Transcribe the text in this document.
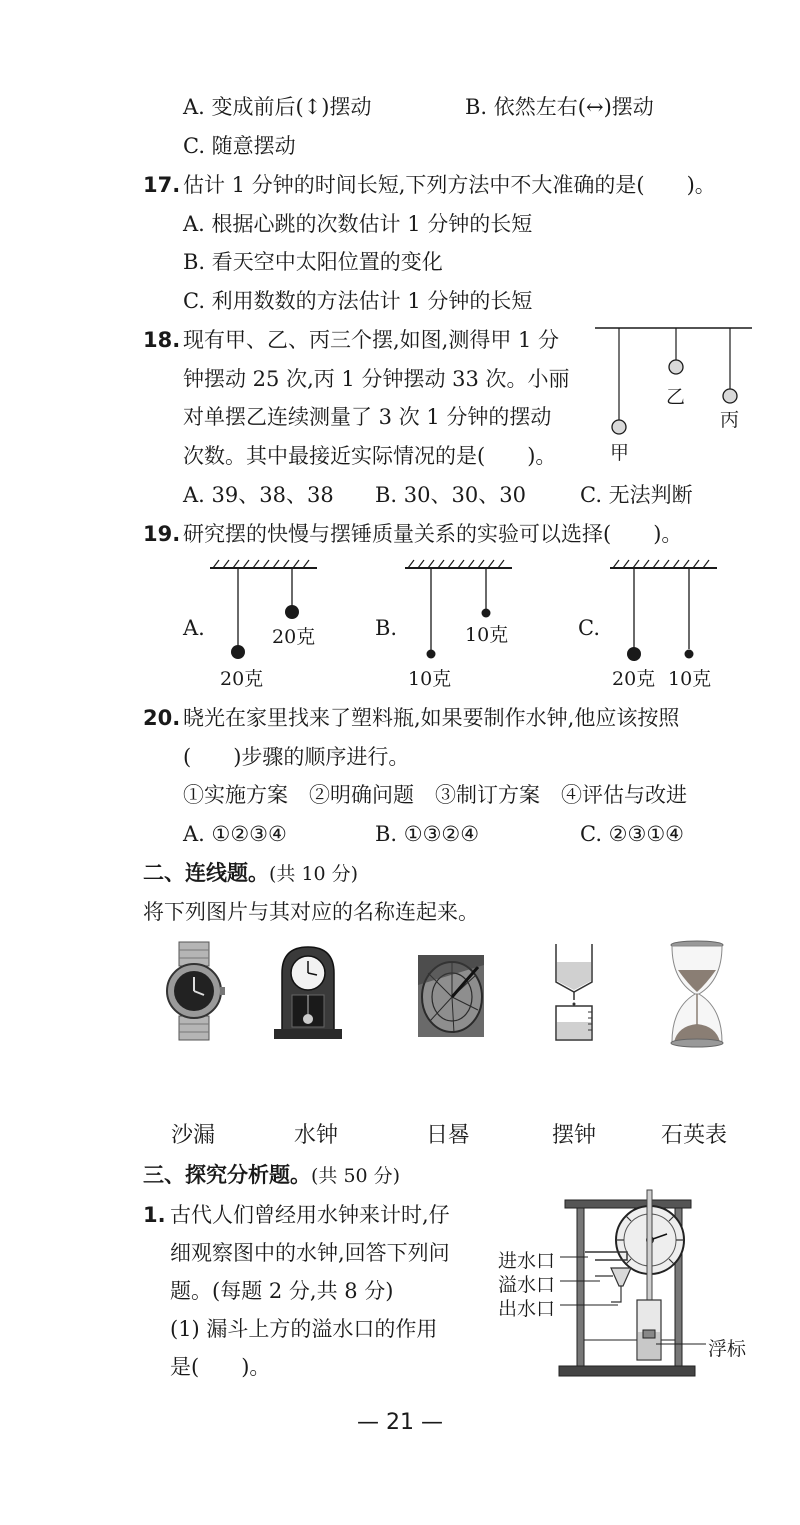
A. 变成前后(↕)摆动	B. 依然左右(↔)摆动
C. 随意摆动
17. 估计 1 分钟的时间长短,下列方法中不大准确的是(　　)。
A. 根据心跳的次数估计 1 分钟的长短
B. 看天空中太阳位置的变化
C. 利用数数的方法估计 1 分钟的长短
18. 现有甲、乙、丙三个摆,如图,测得甲 1 分
钟摆动 25 次,丙 1 分钟摆动 33 次。小丽
对单摆乙连续测量了 3 次 1 分钟的摆动
次数。其中最接近实际情况的是(　　)。
A. 39、38、38 B. 30、30、30	C. 无法判断
甲
乙
丙
19. 研究摆的快慢与摆锤质量关系的实验可以选择(　　)。
A.
20克
20克	B.
10克
10克	C.
20克 10克
20. 晓光在家里找来了塑料瓶,如果要制作水钟,他应该按照
(　　)步骤的顺序进行。
①实施方案　②明确问题　③制订方案　④评估与改进
A. ①②③④	B. ①③②④	C. ②③①④
二、连线题。(共 10 分)
将下列图片与其对应的名称连起来。
沙漏	水钟	日晷	摆钟	石英表
三、探究分析题。(共 50 分)
1. 古代人们曾经用水钟来计时,仔
细观察图中的水钟,回答下列问
题。(每题 2 分,共 8 分)
(1) 漏斗上方的溢水口的作用
是(　　)。
进水口
溢水口
出水口
浮标
— 21 —
